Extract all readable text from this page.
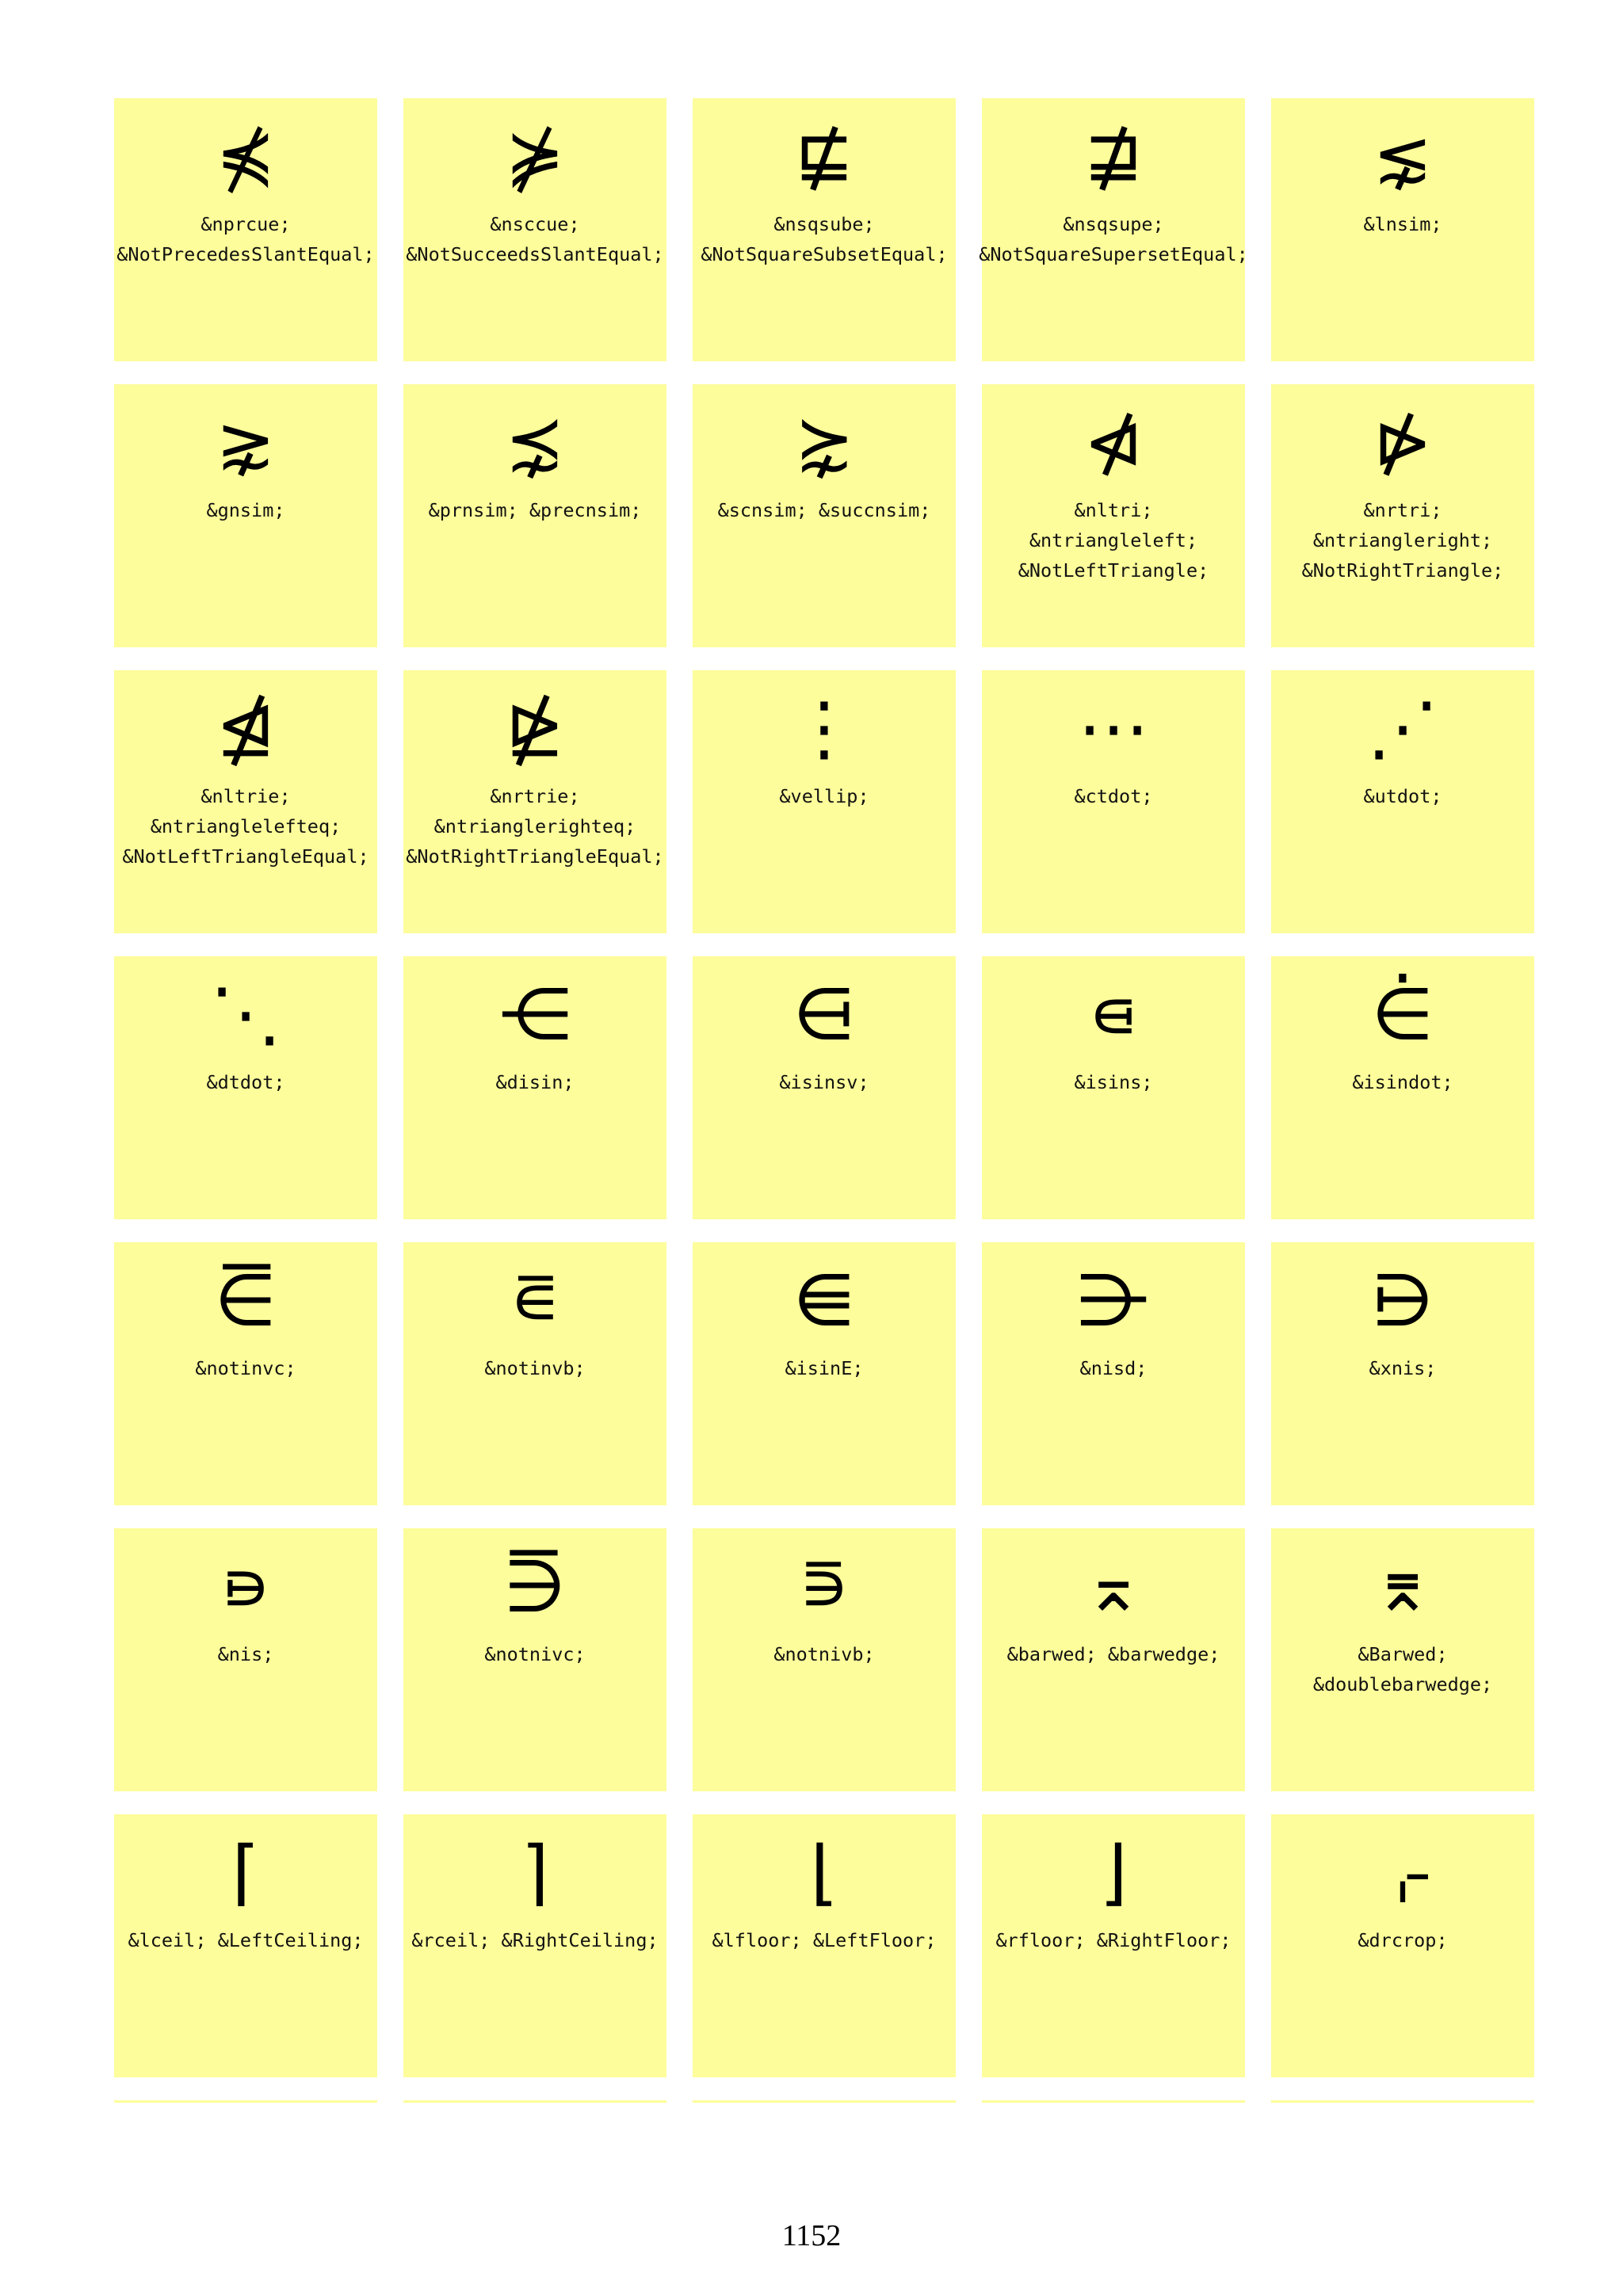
⋠
&nprcue;
&NotPrecedesSlantEqual;
⋡
&nsccue;
&NotSucceedsSlantEqual;
⋢
&nsqsube;
&NotSquareSubsetEqual;
⋣
&nsqsupe;
&NotSquareSupersetEqual;
⋦
&lnsim;
⋧
&gnsim;
⋨
&prnsim; &precnsim;
⋩
&scnsim; &succnsim;
⋪
&nltri;
&ntriangleleft;
&NotLeftTriangle;
⋫
&nrtri;
&ntriangleright;
&NotRightTriangle;
⋬
&nltrie;
&ntrianglelefteq;
&NotLeftTriangleEqual;
⋭
&nrtrie;
&ntrianglerighteq;
&NotRightTriangleEqual;
⋮
&vellip;
⋯
&ctdot;
⋰
&utdot;
⋱
&dtdot;
⋲
&disin;
⋳
&isinsv;
⋴
&isins;
⋵
&isindot;
⋶
&notinvc;
⋷
&notinvb;
⋹
&isinE;
⋺
&nisd;
⋻
&xnis;
⋼
&nis;
⋽
&notnivc;
⋾
&notnivb;
⌅
&barwed; &barwedge;
⌆
&Barwed;
&doublebarwedge;
⌈
&lceil; &LeftCeiling;
⌉
&rceil; &RightCeiling;
⌊
&lfloor; &LeftFloor;
⌋
&rfloor; &RightFloor;
⌌
&drcrop;
1152
